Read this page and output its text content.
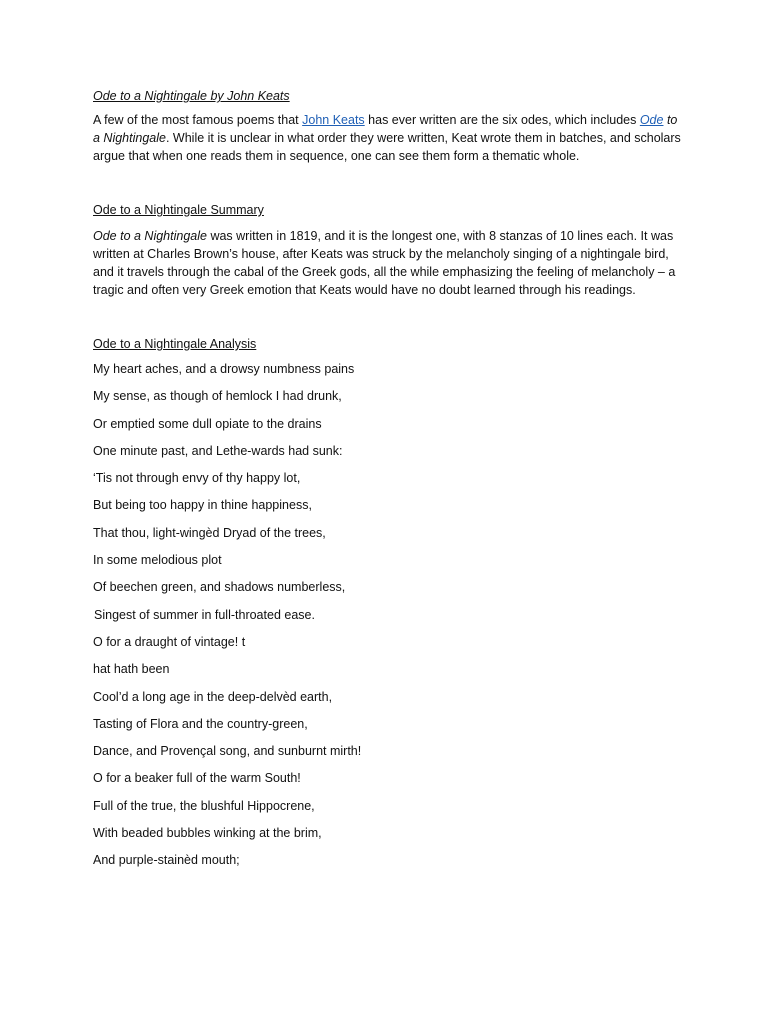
Ode to a Nightingale by John Keats

A few of the most famous poems that John Keats has ever written are the six odes, which includes Ode to a Nightingale. While it is unclear in what order they were written, Keat wrote them in batches, and scholars argue that when one reads them in sequence, one can see them form a thematic whole.

Ode to a Nightingale Summary

Ode to a Nightingale was written in 1819, and it is the longest one, with 8 stanzas of 10 lines each. It was written at Charles Brown’s house, after Keats was struck by the melancholy singing of a nightingale bird, and it travels through the cabal of the Greek gods, all the while emphasizing the feeling of melancholy – a tragic and often very Greek emotion that Keats would have no doubt learned through his readings.

Ode to a Nightingale Analysis
My heart aches, and a drowsy numbness pains
My sense, as though of hemlock I had drunk,
Or emptied some dull opiate to the drains
One minute past, and Lethe-wards had sunk:
‘Tis not through envy of thy happy lot,
But being too happy in thine happiness,
That thou, light-wingèd Dryad of the trees,
In some melodious plot
Of beechen green, and shadows numberless,
Singest of summer in full-throated ease.
O for a draught of vintage! t
hat hath been
Cool’d a long age in the deep-delvèd earth,
Tasting of Flora and the country-green,
Dance, and Provençal song, and sunburnt mirth!
O for a beaker full of the warm South!
Full of the true, the blushful Hippocrene,
With beaded bubbles winking at the brim,
And purple-stainèd mouth;
